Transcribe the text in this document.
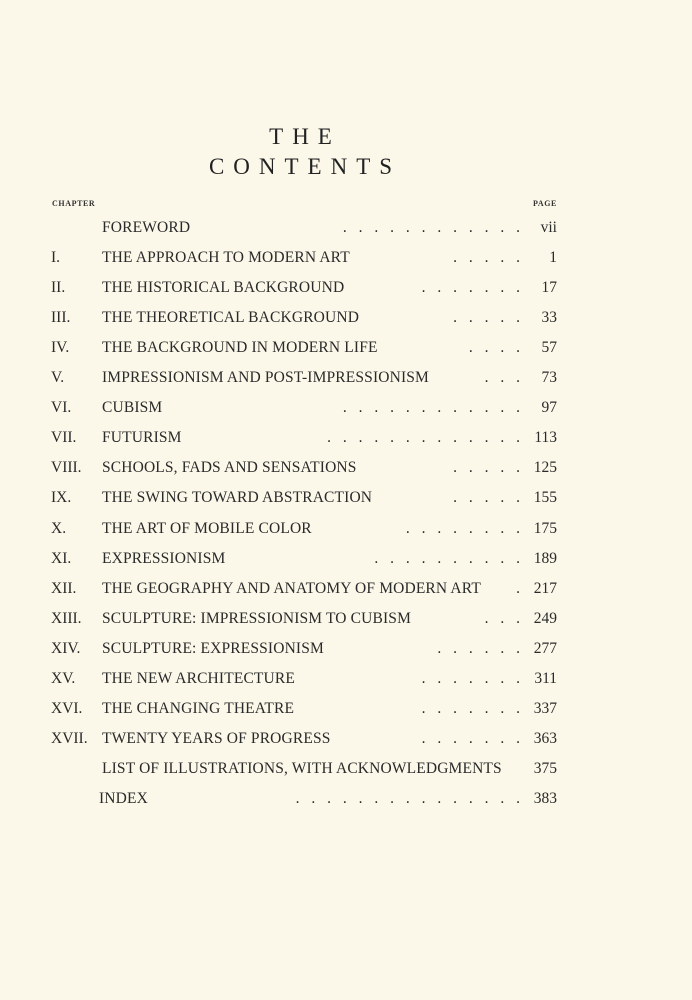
THE
CONTENTS
CHAPTER	PAGE
FOREWORD	. . . . . . . . . . . .	vii
I.	THE APPROACH TO MODERN ART	. . . . .	1
II. THE HISTORICAL BACKGROUND	. . . . . . .	17
III. THE THEORETICAL BACKGROUND	. . . . .	33
IV. THE BACKGROUND IN MODERN LIFE	. . . .	57
V. IMPRESSIONISM AND POST-IMPRESSIONISM	. . .	73
VI. CUBISM	. . . . . . . . . . . .	97
VII. FUTURISM	. . . . . . . . . . . . . 113
VIII. SCHOOLS, FADS AND SENSATIONS	. . . . . 125
IX. THE SWING TOWARD ABSTRACTION	. . . . . 155
X. THE ART OF MOBILE COLOR	. . . . . . . . 175
XI. EXPRESSIONISM	. . . . . . . . . . 189
XII. THE GEOGRAPHY AND ANATOMY OF MODERN ART . 217
XIII. SCULPTURE: IMPRESSIONISM TO CUBISM	. . . 249
XIV. SCULPTURE: EXPRESSIONISM	. . . . . . 277
XV. THE NEW ARCHITECTURE	. . . . . . . 311
XVI. THE CHANGING THEATRE	. . . . . . . 337
XVII. TWENTY YEARS OF PROGRESS	. . . . . . . 363
LIST OF ILLUSTRATIONS, WITH ACKNOWLEDGMENTS	375
INDEX	. . . . . . . . . . . . . . . 383
